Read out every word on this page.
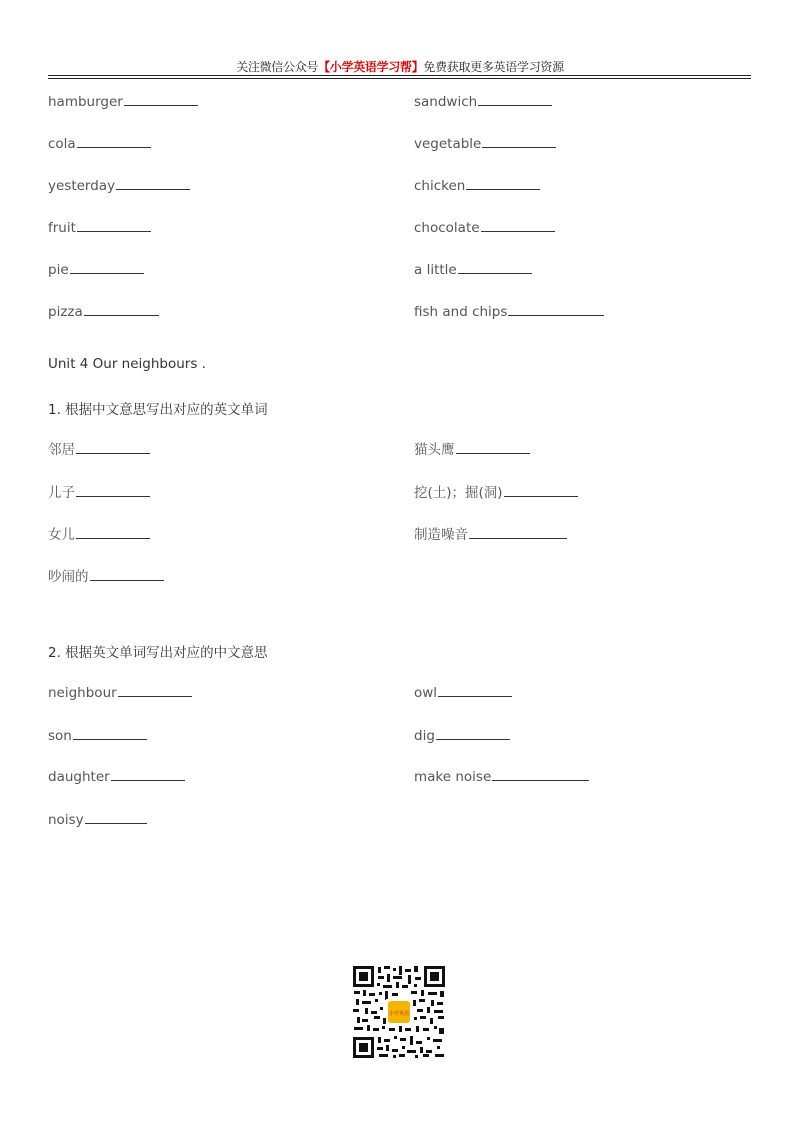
关注微信公众号【小学英语学习帮】免费获取更多英语学习资源
hamburger	sandwich
cola	vegetable
yesterday	chicken
fruit	chocolate
pie	a little
pizza	fish and chips
Unit 4 Our neighbours .
1. 根据中文意思写出对应的英文单词
邻居	猫头鹰
儿子	挖(土)；掘(洞)
女儿	制造噪音
吵闹的
2. 根据英文单词写出对应的中文意思
neighbour	owl
son	dig
daughter	make noise
noisy
小学英语
